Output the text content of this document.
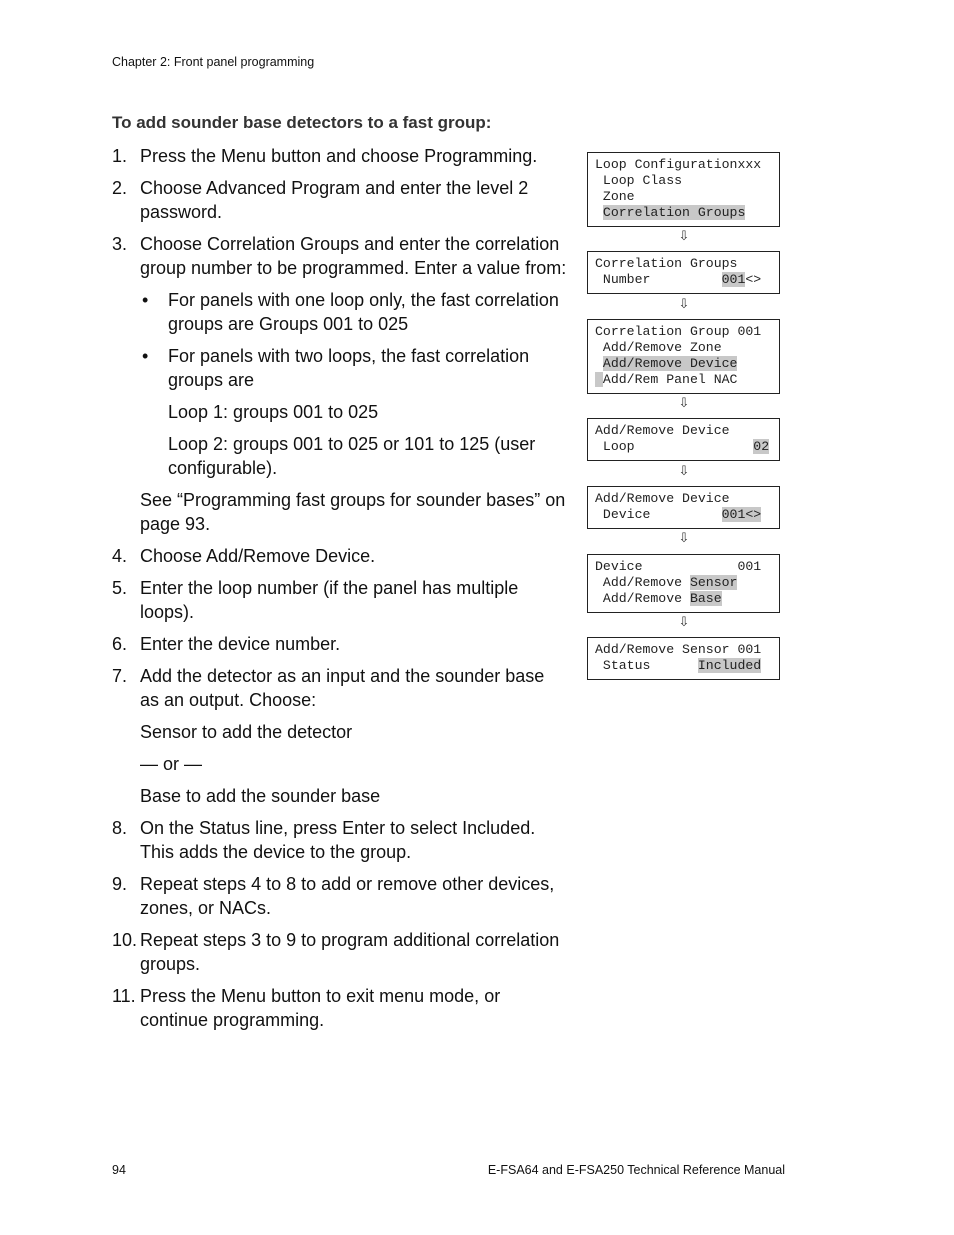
Chapter 2: Front panel programming
To add sounder base detectors to a fast group:
1. Press the Menu button and choose Programming.
2. Choose Advanced Program and enter the level 2 password.
3. Choose Correlation Groups and enter the correlation group number to be programmed. Enter a value from:

•	For panels with one loop only, the fast correlation groups are Groups 001 to 025
•	For panels with two loops, the fast correlation groups are

Loop 1: groups 001 to 025

Loop 2: groups 001 to 025 or 101 to 125 (user configurable).

See “Programming fast groups for sounder bases” on page 93.

4. Choose Add/Remove Device.
5. Enter the loop number (if the panel has multiple loops).
6. Enter the device number.
7. Add the detector as an input and the sounder base as an output. Choose:

Sensor to add the detector

— or —

Base to add the sounder base

8. On the Status line, press Enter to select Included. This adds the device to the group.
9. Repeat steps 4 to 8 to add or remove other devices, zones, or NACs.
10. Repeat steps 3 to 9 to program additional correlation groups.
11. Press the Menu button to exit menu mode, or continue programming.
Loop Configurationxxx
Loop Class
Zone
Correlation Groups
⇩
Correlation Groups
Number         001<>
⇩
Correlation Group 001
Add/Remove Zone
Add/Remove Device
Add/Rem Panel NAC
⇩
Add/Remove Device
Loop               02
⇩
Add/Remove Device
Device         001<>
⇩
Device            001
Add/Remove Sensor
Add/Remove Base
⇩
Add/Remove Sensor 001
Status      Included
94	E-FSA64 and E-FSA250 Technical Reference Manual
